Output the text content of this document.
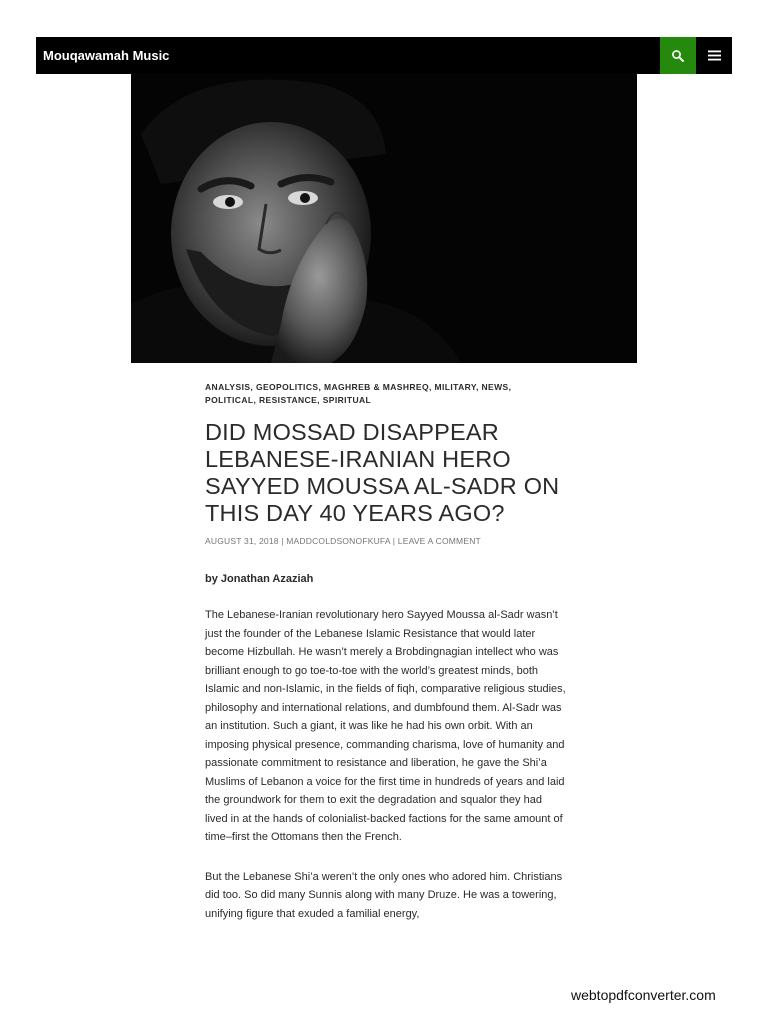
Mouqawamah Music
ANALYSIS, GEOPOLITICS, MAGHREB & MASHREQ, MILITARY, NEWS,
POLITICAL, RESISTANCE, SPIRITUAL
DID MOSSAD DISAPPEAR LEBANESE-IRANIAN HERO SAYYED MOUSSA AL-SADR ON THIS DAY 40 YEARS AGO?
AUGUST 31, 2018 | MADDCOLDSONOFKUFA | LEAVE A COMMENT

by Jonathan Azaziah

The Lebanese-Iranian revolutionary hero Sayyed Moussa al-Sadr wasn’t just the founder of the Lebanese Islamic Resistance that would later become Hizbullah. He wasn’t merely a Brobdingnagian intellect who was brilliant enough to go toe-to-toe with the world’s greatest minds, both Islamic and non-Islamic, in the fields of fiqh, comparative religious studies, philosophy and international relations, and dumbfound them. Al-Sadr was an institution. Such a giant, it was like he had his own orbit. With an imposing physical presence, commanding charisma, love of humanity and passionate commitment to resistance and liberation, he gave the Shi’a Muslims of Lebanon a voice for the first time in hundreds of years and laid the groundwork for them to exit the degradation and squalor they had lived in at the hands of colonialist-backed factions for the same amount of time–first the Ottomans then the French.

But the Lebanese Shi’a weren’t the only ones who adored him. Christians did too. So did many Sunnis along with many Druze. He was a towering, unifying figure that exuded a familial energy,

webtopdfconverter.com
